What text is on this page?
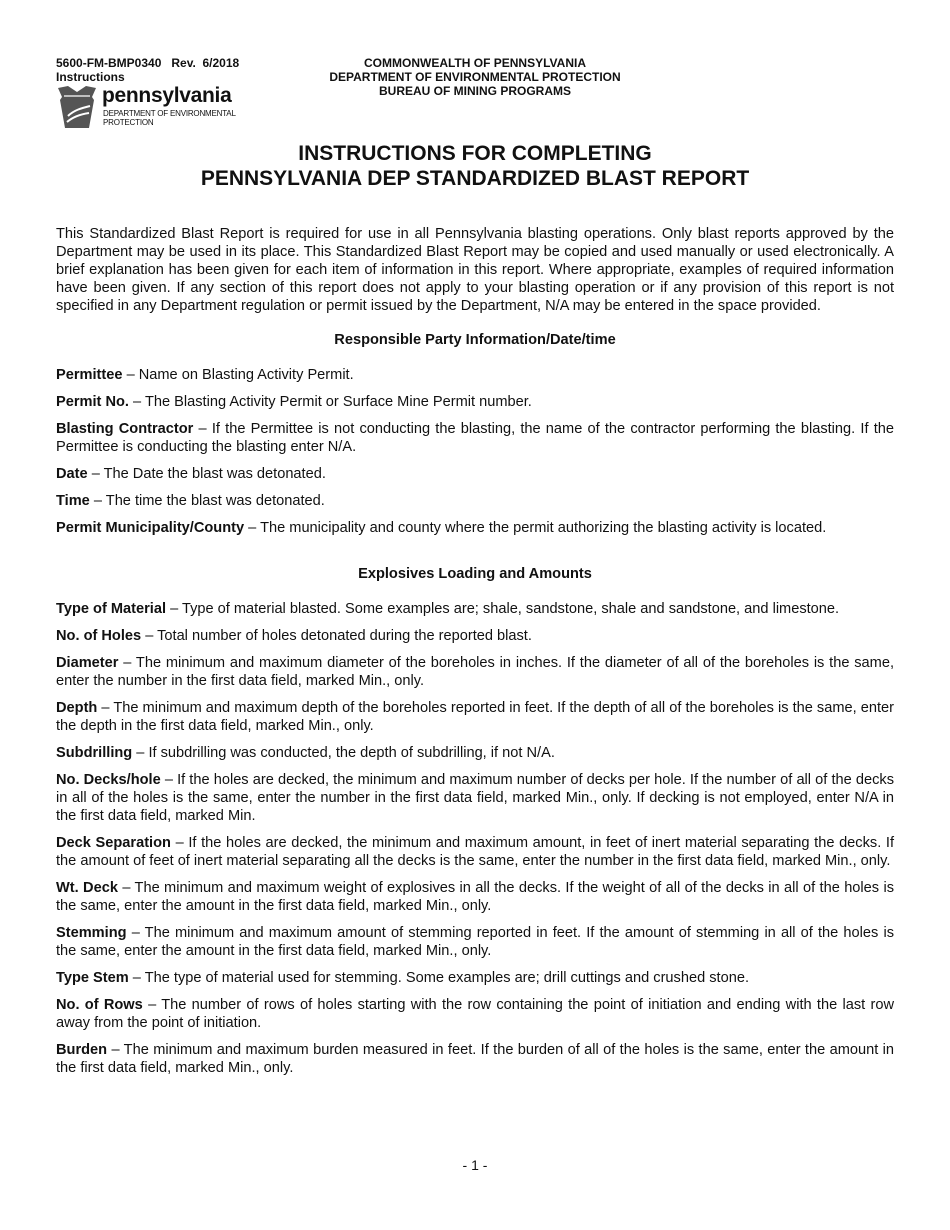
5600-FM-BMP0340   Rev.  6/2018
Instructions
COMMONWEALTH OF PENNSYLVANIA
DEPARTMENT OF ENVIRONMENTAL PROTECTION
BUREAU OF MINING PROGRAMS
pennsylvania
DEPARTMENT OF ENVIRONMENTAL PROTECTION
INSTRUCTIONS FOR COMPLETING
PENNSYLVANIA DEP STANDARDIZED BLAST REPORT

This Standardized Blast Report is required for use in all Pennsylvania blasting operations. Only blast reports approved by the Department may be used in its place. This Standardized Blast Report may be copied and used manually or used electronically. A brief explanation has been given for each item of information in this report. Where appropriate, examples of required information have been given. If any section of this report does not apply to your blasting operation or if any provision of this report is not specified in any Department regulation or permit issued by the Department, N/A may be entered in the space provided.

Responsible Party Information/Date/time

Permittee – Name on Blasting Activity Permit.

Permit No. – The Blasting Activity Permit or Surface Mine Permit number.

Blasting Contractor – If the Permittee is not conducting the blasting, the name of the contractor performing the blasting. If the Permittee is conducting the blasting enter N/A.

Date – The Date the blast was detonated.

Time – The time the blast was detonated.

Permit Municipality/County – The municipality and county where the permit authorizing the blasting activity is located.

Explosives Loading and Amounts

Type of Material – Type of material blasted. Some examples are; shale, sandstone, shale and sandstone, and limestone.

No. of Holes – Total number of holes detonated during the reported blast.

Diameter – The minimum and maximum diameter of the boreholes in inches. If the diameter of all of the boreholes is the same, enter the number in the first data field, marked Min., only.

Depth – The minimum and maximum depth of the boreholes reported in feet. If the depth of all of the boreholes is the same, enter the depth in the first data field, marked Min., only.

Subdrilling – If subdrilling was conducted, the depth of subdrilling, if not N/A.

No. Decks/hole – If the holes are decked, the minimum and maximum number of decks per hole. If the number of all of the decks in all of the holes is the same, enter the number in the first data field, marked Min., only. If decking is not employed, enter N/A in the first data field, marked Min.

Deck Separation – If the holes are decked, the minimum and maximum amount, in feet of inert material separating the decks. If the amount of feet of inert material separating all the decks is the same, enter the number in the first data field, marked Min., only.

Wt. Deck – The minimum and maximum weight of explosives in all the decks. If the weight of all of the decks in all of the holes is the same, enter the amount in the first data field, marked Min., only.

Stemming – The minimum and maximum amount of stemming reported in feet. If the amount of stemming in all of the holes is the same, enter the amount in the first data field, marked Min., only.

Type Stem – The type of material used for stemming. Some examples are; drill cuttings and crushed stone.

No. of Rows – The number of rows of holes starting with the row containing the point of initiation and ending with the last row away from the point of initiation.

Burden – The minimum and maximum burden measured in feet. If the burden of all of the holes is the same, enter the amount in the first data field, marked Min., only.

- 1 -
